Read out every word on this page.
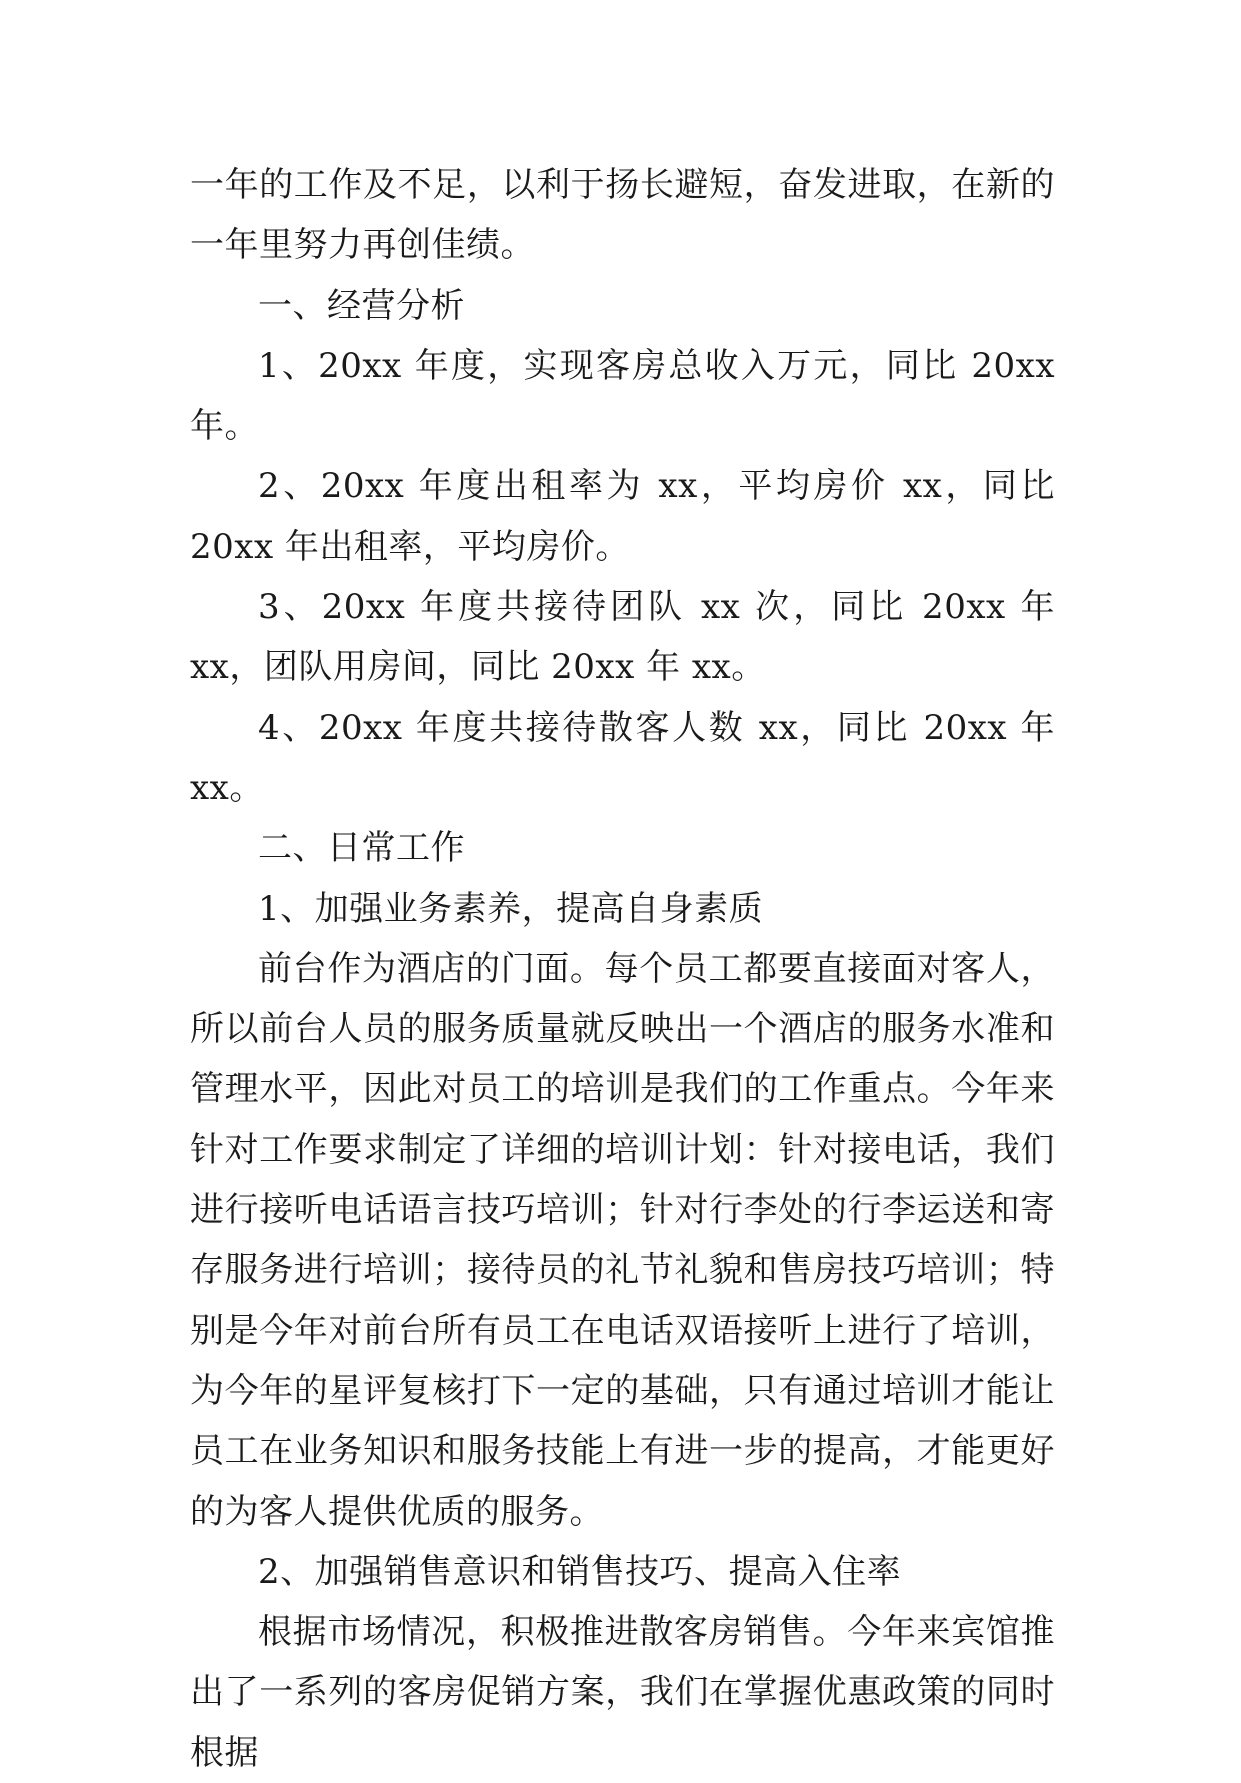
一年的工作及不足，以利于扬长避短，奋发进取，在新的一年里努力再创佳绩。

一、经营分析

1、20xx 年度，实现客房总收入万元，同比 20xx 年。

2、20xx 年度出租率为 xx，平均房价 xx，同比 20xx 年出租率，平均房价。

3、20xx 年度共接待团队 xx 次，同比 20xx 年 xx，团队用房间，同比 20xx 年 xx。

4、20xx 年度共接待散客人数 xx，同比 20xx 年 xx。

二、日常工作

1、加强业务素养，提高自身素质

前台作为酒店的门面。每个员工都要直接面对客人，所以前台人员的服务质量就反映出一个酒店的服务水准和管理水平，因此对员工的培训是我们的工作重点。今年来针对工作要求制定了详细的培训计划：针对接电话，我们进行接听电话语言技巧培训；针对行李处的行李运送和寄存服务进行培训；接待员的礼节礼貌和售房技巧培训；特别是今年对前台所有员工在电话双语接听上进行了培训，为今年的星评复核打下一定的基础，只有通过培训才能让员工在业务知识和服务技能上有进一步的提高，才能更好的为客人提供优质的服务。

2、加强销售意识和销售技巧、提高入住率

根据市场情况，积极推进散客房销售。今年来宾馆推出了一系列的客房促销方案，我们在掌握优惠政策的同时根据
